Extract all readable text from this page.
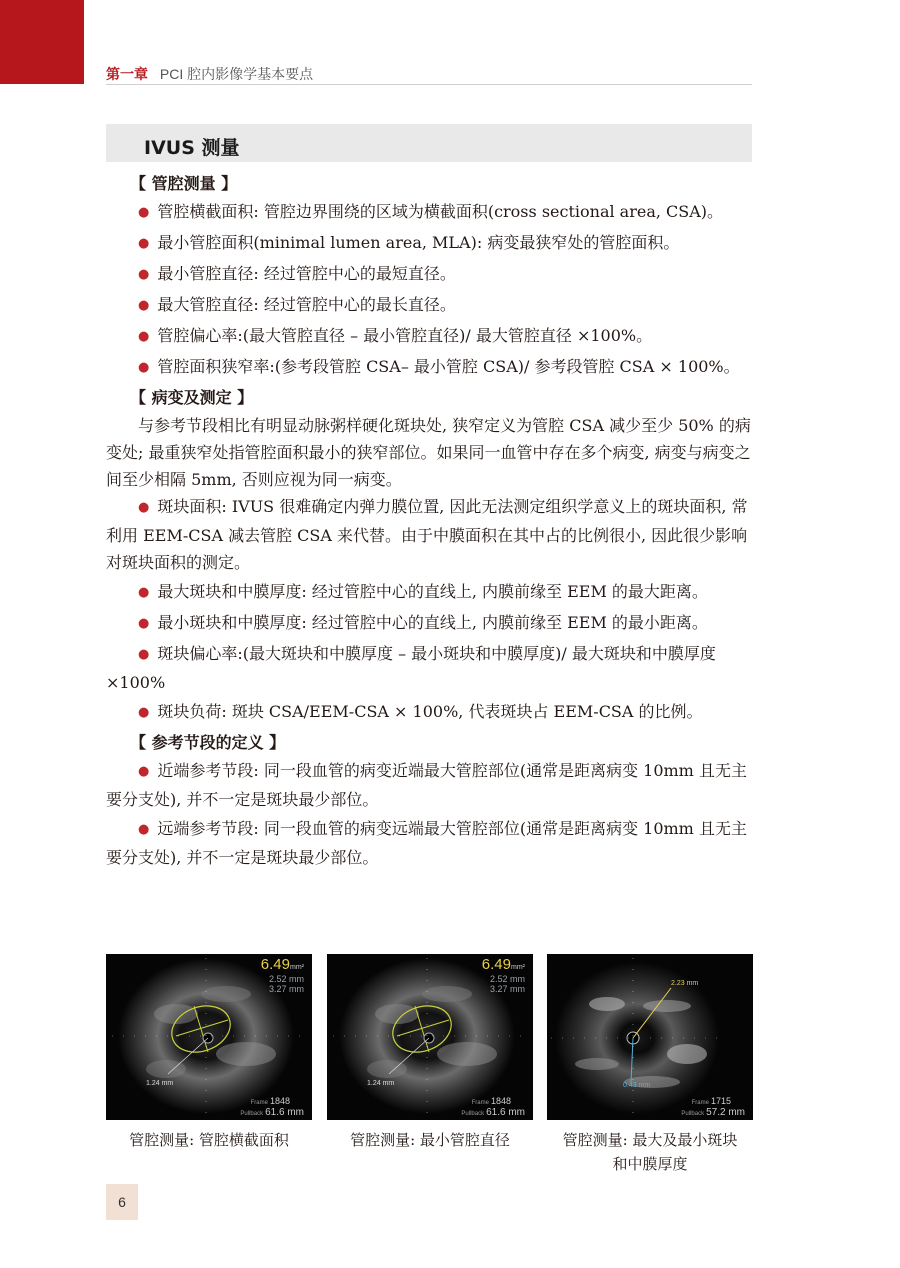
第一章 PCI 腔内影像学基本要点
IVUS 测量

【 管腔测量 】

● 管腔横截面积: 管腔边界围绕的区域为横截面积(cross sectional area, CSA)。

● 最小管腔面积(minimal lumen area, MLA): 病变最狭窄处的管腔面积。

● 最小管腔直径: 经过管腔中心的最短直径。

● 最大管腔直径: 经过管腔中心的最长直径。

● 管腔偏心率:(最大管腔直径 – 最小管腔直径)/ 最大管腔直径 ×100%。

● 管腔面积狭窄率:(参考段管腔 CSA– 最小管腔 CSA)/ 参考段管腔 CSA × 100%。

【 病变及测定 】

与参考节段相比有明显动脉粥样硬化斑块处, 狭窄定义为管腔 CSA 减少至少 50% 的病变处; 最重狭窄处指管腔面积最小的狭窄部位。如果同一血管中存在多个病变, 病变与病变之间至少相隔 5mm, 否则应视为同一病变。

● 斑块面积: IVUS 很难确定内弹力膜位置, 因此无法测定组织学意义上的斑块面积, 常利用 EEM-CSA 减去管腔 CSA 来代替。由于中膜面积在其中占的比例很小, 因此很少影响对斑块面积的测定。

● 最大斑块和中膜厚度: 经过管腔中心的直线上, 内膜前缘至 EEM 的最大距离。

● 最小斑块和中膜厚度: 经过管腔中心的直线上, 内膜前缘至 EEM 的最小距离。

● 斑块偏心率:(最大斑块和中膜厚度 – 最小斑块和中膜厚度)/ 最大斑块和中膜厚度 ×100%

● 斑块负荷: 斑块 CSA/EEM-CSA × 100%, 代表斑块占 EEM-CSA 的比例。

【 参考节段的定义 】

● 近端参考节段: 同一段血管的病变近端最大管腔部位(通常是距离病变 10mm 且无主要分支处), 并不一定是斑块最少部位。

● 远端参考节段: 同一段血管的病变远端最大管腔部位(通常是距离病变 10mm 且无主要分支处), 并不一定是斑块最少部位。

6.49mm²
2.52 mm
3.27 mm
1.24 mm
Frame 1848
Pullback 61.6 mm
6.49mm²
2.52 mm
3.27 mm
1.24 mm
Frame 1848
Pullback 61.6 mm
2.23 mm
0.43 mm
Frame 1715
Pullback 57.2 mm
管腔测量: 管腔横截面积	管腔测量: 最小管腔直径	管腔测量: 最大及最小斑块
和中膜厚度
6
